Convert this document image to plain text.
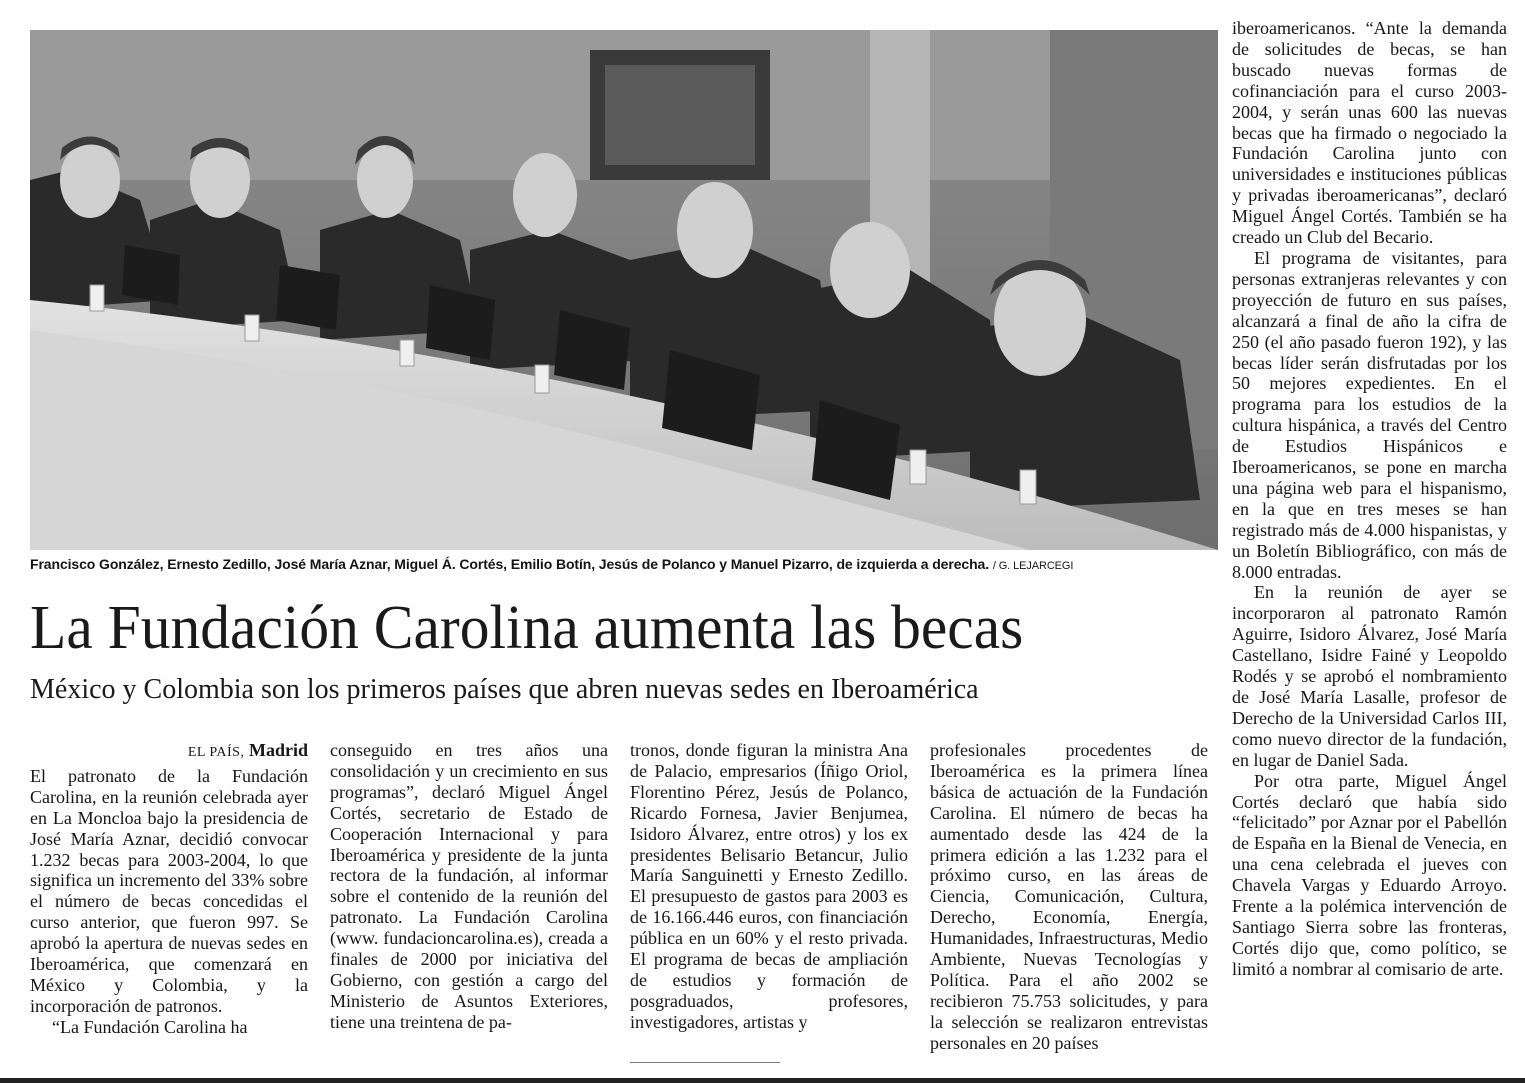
Francisco González, Ernesto Zedillo, José María Aznar, Miguel Á. Cortés, Emilio Botín, Jesús de Polanco y Manuel Pizarro, de izquierda a derecha. / G. LEJARCEGI
La Fundación Carolina aumenta las becas
México y Colombia son los primeros países que abren nuevas sedes en Iberoamérica
EL PAÍS, Madrid

El patronato de la Fundación Carolina, en la reunión celebrada ayer en La Moncloa bajo la presidencia de José María Aznar, decidió convocar 1.232 becas para 2003-2004, lo que significa un incremento del 33% sobre el número de becas concedidas el curso anterior, que fueron 997. Se aprobó la apertura de nuevas sedes en Iberoamérica, que comenzará en México y Colombia, y la incorporación de patronos.

“La Fundación Carolina ha

conseguido en tres años una consolidación y un crecimiento en sus programas”, declaró Miguel Ángel Cortés, secretario de Estado de Cooperación Internacional y para Iberoamérica y presidente de la junta rectora de la fundación, al informar sobre el contenido de la reunión del patronato. La Fundación Carolina (www. fundacioncarolina.es), creada a finales de 2000 por iniciativa del Gobierno, con gestión a cargo del Ministerio de Asuntos Exteriores, tiene una treintena de pa-

tronos, donde figuran la ministra Ana de Palacio, empresarios (Íñigo Oriol, Florentino Pérez, Jesús de Polanco, Ricardo Fornesa, Javier Benjumea, Isidoro Álvarez, entre otros) y los ex presidentes Belisario Betancur, Julio María Sanguinetti y Ernesto Zedillo. El presupuesto de gastos para 2003 es de 16.166.446 euros, con financiación pública en un 60% y el resto privada. El programa de becas de ampliación de estudios y formación de posgraduados, profesores, investigadores, artistas y

profesionales procedentes de Iberoamérica es la primera línea básica de actuación de la Fundación Carolina. El número de becas ha aumentado desde las 424 de la primera edición a las 1.232 para el próximo curso, en las áreas de Ciencia, Comunicación, Cultura, Derecho, Economía, Energía, Humanidades, Infraestructuras, Medio Ambiente, Nuevas Tecnologías y Política. Para el año 2002 se recibieron 75.753 solicitudes, y para la selección se realizaron entrevistas personales en 20 países

iberoamericanos. “Ante la demanda de solicitudes de becas, se han buscado nuevas formas de cofinanciación para el curso 2003-2004, y serán unas 600 las nuevas becas que ha firmado o negociado la Fundación Carolina junto con universidades e instituciones públicas y privadas iberoamericanas”, declaró Miguel Ángel Cortés. También se ha creado un Club del Becario.

El programa de visitantes, para personas extranjeras relevantes y con proyección de futuro en sus países, alcanzará a final de año la cifra de 250 (el año pasado fueron 192), y las becas líder serán disfrutadas por los 50 mejores expedientes. En el programa para los estudios de la cultura hispánica, a través del Centro de Estudios Hispánicos e Iberoamericanos, se pone en marcha una página web para el hispanismo, en la que en tres meses se han registrado más de 4.000 hispanistas, y un Boletín Bibliográfico, con más de 8.000 entradas.

En la reunión de ayer se incorporaron al patronato Ramón Aguirre, Isidoro Álvarez, José María Castellano, Isidre Fainé y Leopoldo Rodés y se aprobó el nombramiento de José María Lasalle, profesor de Derecho de la Universidad Carlos III, como nuevo director de la fundación, en lugar de Daniel Sada.

Por otra parte, Miguel Ángel Cortés declaró que había sido “felicitado” por Aznar por el Pabellón de España en la Bienal de Venecia, en una cena celebrada el jueves con Chavela Vargas y Eduardo Arroyo. Frente a la polémica intervención de Santiago Sierra sobre las fronteras, Cortés dijo que, como político, se limitó a nombrar al comisario de arte.
